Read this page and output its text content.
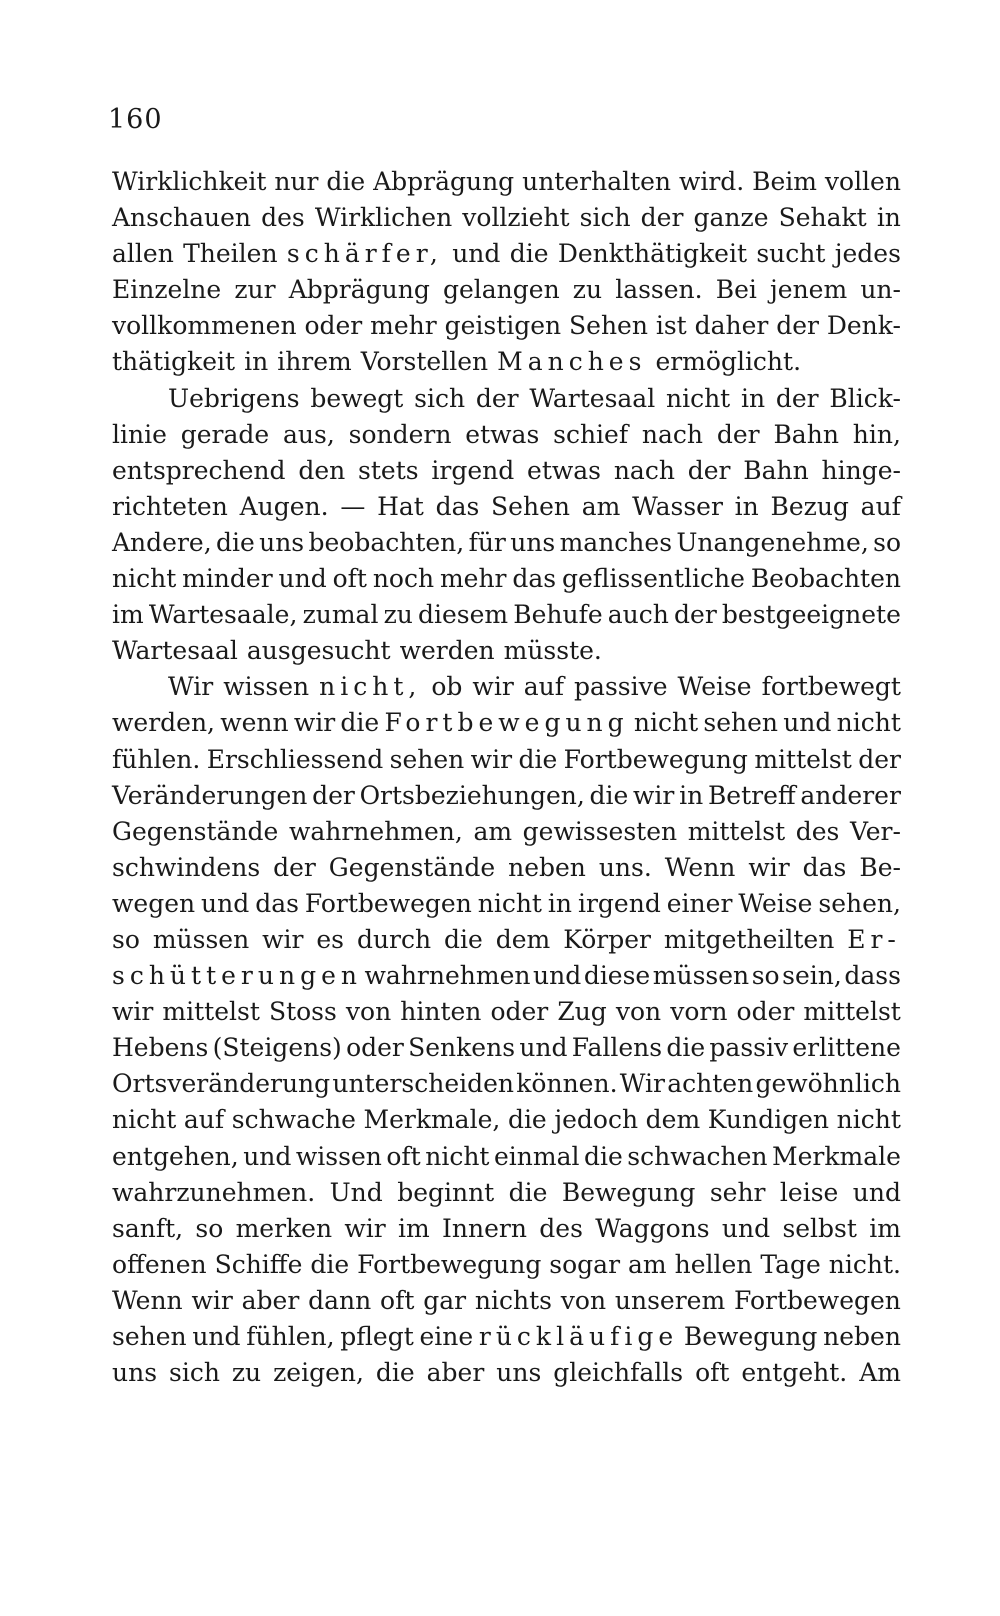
160
Wirklichkeit nur die Abprägung unterhalten wird. Beim vollen
Anschauen des Wirklichen vollzieht sich der ganze Sehakt in
allen Theilen schärfer, und die Denkthätigkeit sucht jedes
Einzelne zur Abprägung gelangen zu lassen. Bei jenem un-
vollkommenen oder mehr geistigen Sehen ist daher der Denk-
thätigkeit in ihrem Vorstellen Manches ermöglicht.
Uebrigens bewegt sich der Wartesaal nicht in der Blick-
linie gerade aus, sondern etwas schief nach der Bahn hin,
entsprechend den stets irgend etwas nach der Bahn hinge-
richteten Augen. — Hat das Sehen am Wasser in Bezug auf
Andere, die uns beobachten, für uns manches Unangenehme, so
nicht minder und oft noch mehr das geflissentliche Beobachten
im Wartesaale, zumal zu diesem Behufe auch der bestgeeignete
Wartesaal ausgesucht werden müsste.
Wir wissen nicht, ob wir auf passive Weise fortbewegt
werden, wenn wir die Fortbewegung nicht sehen und nicht
fühlen. Erschliessend sehen wir die Fortbewegung mittelst der
Veränderungen der Ortsbeziehungen, die wir in Betreff anderer
Gegenstände wahrnehmen, am gewissesten mittelst des Ver-
schwindens der Gegenstände neben uns. Wenn wir das Be-
wegen und das Fortbewegen nicht in irgend einer Weise sehen,
so müssen wir es durch die dem Körper mitgetheilten Er-
schütterungen wahrnehmen und diese müssen so sein, dass
wir mittelst Stoss von hinten oder Zug von vorn oder mittelst
Hebens (Steigens) oder Senkens und Fallens die passiv erlittene
Ortsveränderung unterscheiden können. Wir achten gewöhnlich
nicht auf schwache Merkmale, die jedoch dem Kundigen nicht
entgehen, und wissen oft nicht einmal die schwachen Merkmale
wahrzunehmen. Und beginnt die Bewegung sehr leise und
sanft, so merken wir im Innern des Waggons und selbst im
offenen Schiffe die Fortbewegung sogar am hellen Tage nicht.
Wenn wir aber dann oft gar nichts von unserem Fortbewegen
sehen und fühlen, pflegt eine rückläufige Bewegung neben
uns sich zu zeigen, die aber uns gleichfalls oft entgeht. Am
